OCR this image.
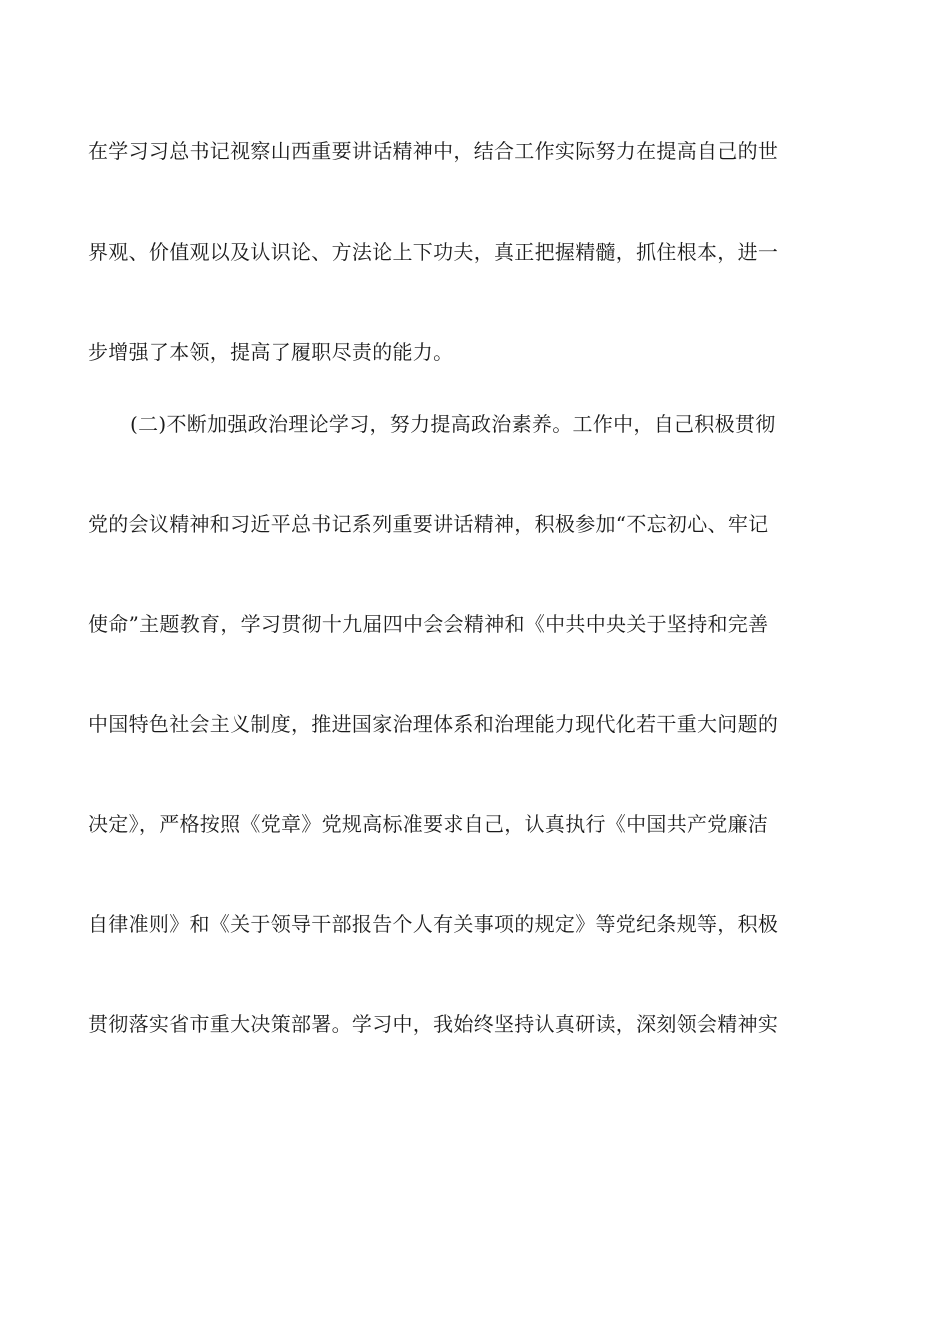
在学习习总书记视察山西重要讲话精神中，结合工作实际努力在提高自己的世
界观、价值观以及认识论、方法论上下功夫，真正把握精髓，抓住根本，进一
步增强了本领，提高了履职尽责的能力。
(二)不断加强政治理论学习，努力提高政治素养。工作中，自己积极贯彻
党的会议精神和习近平总书记系列重要讲话精神，积极参加“不忘初心、牢记
使命”主题教育，学习贯彻十九届四中会会精神和《中共中央关于坚持和完善
中国特色社会主义制度，推进国家治理体系和治理能力现代化若干重大问题的
决定》，严格按照《党章》党规高标准要求自己，认真执行《中国共产党廉洁
自律准则》和《关于领导干部报告个人有关事项的规定》等党纪条规等，积极
贯彻落实省市重大决策部署。学习中，我始终坚持认真研读，深刻领会精神实
